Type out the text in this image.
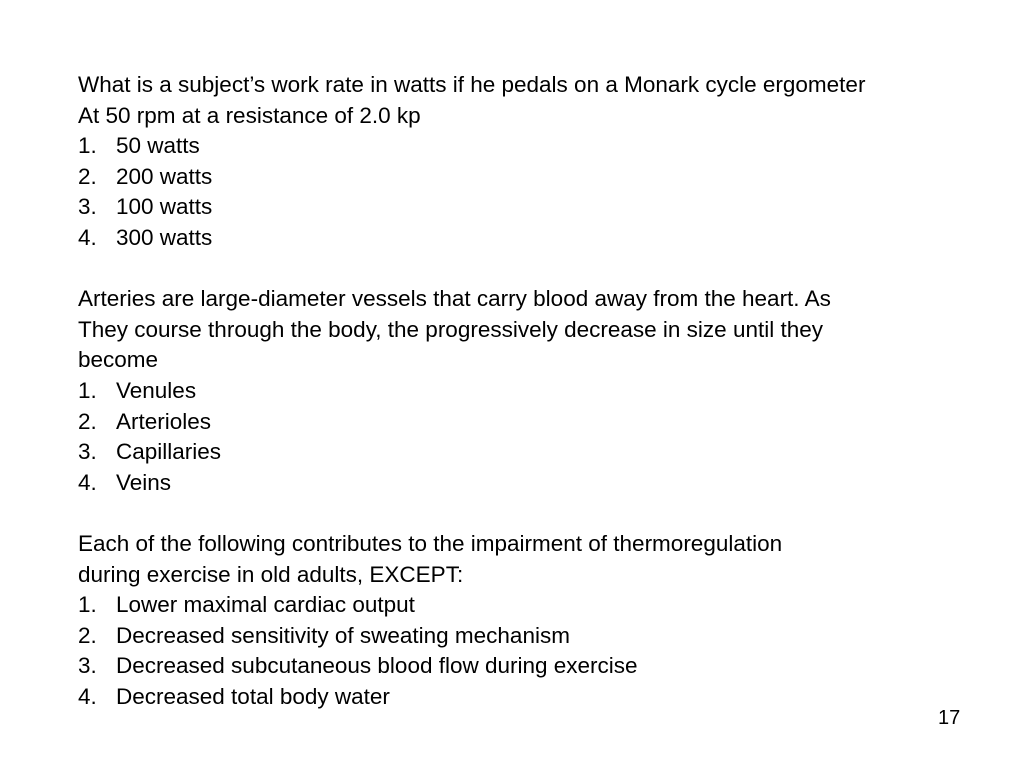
What is a subject’s work rate in watts if he pedals on a Monark cycle ergometer
At 50 rpm at a resistance of 2.0 kp
1. 50 watts
2. 200 watts
3. 100 watts
4. 300 watts
Arteries are large-diameter vessels that carry blood away from the heart. As
They course through the body, the progressively decrease in size until they
become
1. Venules
2. Arterioles
3. Capillaries
4. Veins
Each of the following contributes to the impairment of thermoregulation
during exercise in old adults, EXCEPT:
1. Lower maximal cardiac output
2. Decreased sensitivity of sweating mechanism
3. Decreased subcutaneous blood flow during exercise
4. Decreased total body water
17
